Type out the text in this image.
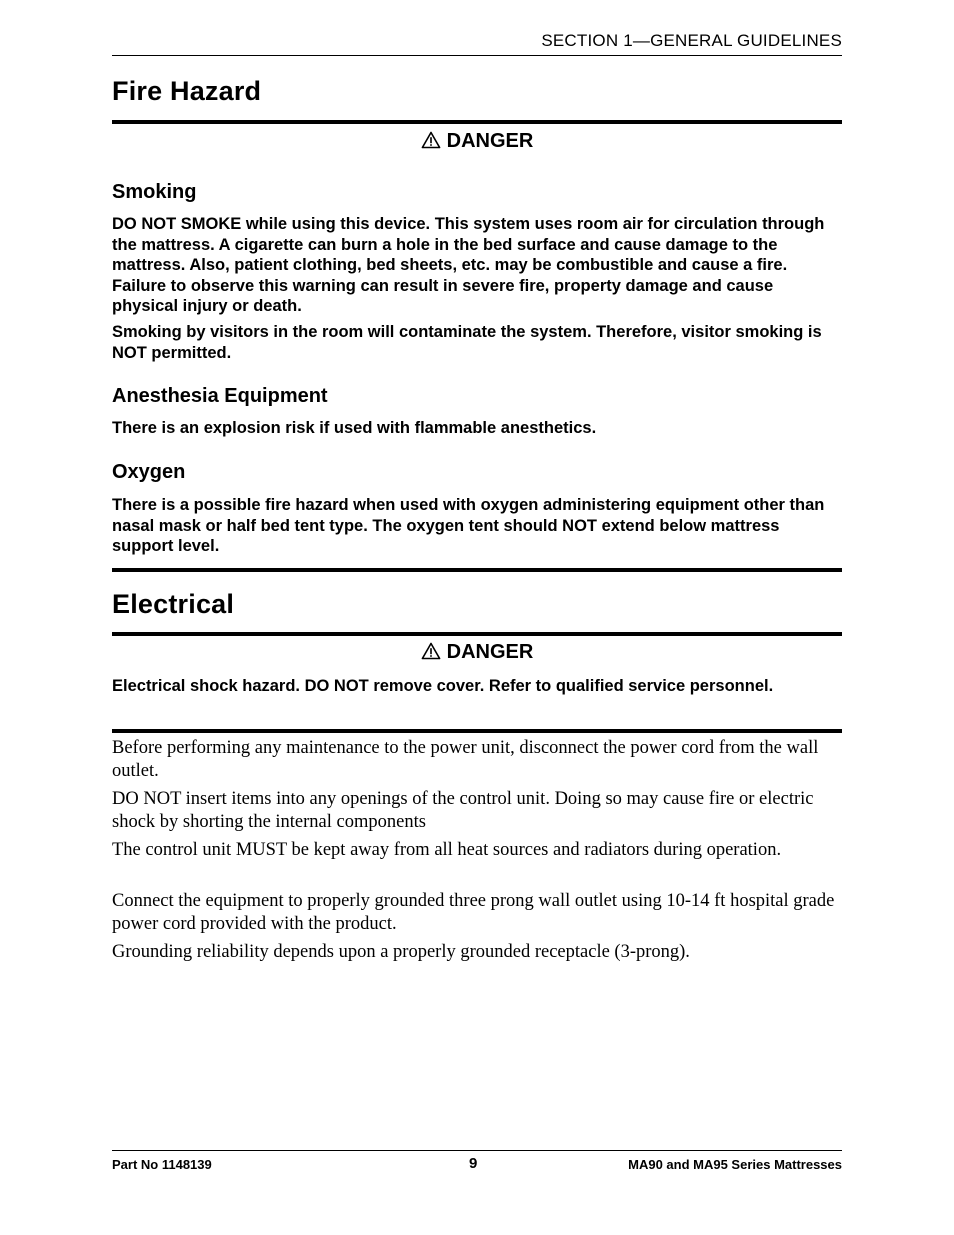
SECTION 1—GENERAL GUIDELINES
Fire Hazard
DANGER
Smoking

DO NOT SMOKE while using this device. This system uses room air for circulation through the mattress. A cigarette can burn a hole in the bed surface and cause damage to the mattress. Also, patient clothing, bed sheets, etc. may be combustible and cause a fire. Failure to observe this warning can result in severe fire, property damage and cause physical injury or death.

Smoking by visitors in the room will contaminate the system. Therefore, visitor smoking is NOT permitted.

Anesthesia Equipment

There is an explosion risk if used with flammable anesthetics.

Oxygen

There is a possible fire hazard when used with oxygen administering equipment other than nasal mask or half bed tent type. The oxygen tent should NOT extend below mattress support level.

Electrical
DANGER

Electrical shock hazard. DO NOT remove cover. Refer to qualified service personnel.

Before performing any maintenance to the power unit, disconnect the power cord from the wall outlet.

DO NOT insert items into any openings of the control unit. Doing so may cause fire or electric shock by shorting the internal components

The control unit MUST be kept away from all heat sources and radiators during operation.

Connect the equipment to properly grounded three prong wall outlet using 10-14 ft hospital grade power cord provided with the product.

Grounding reliability depends upon a properly grounded receptacle (3-prong).

Part No 1148139	9	MA90 and MA95 Series Mattresses
